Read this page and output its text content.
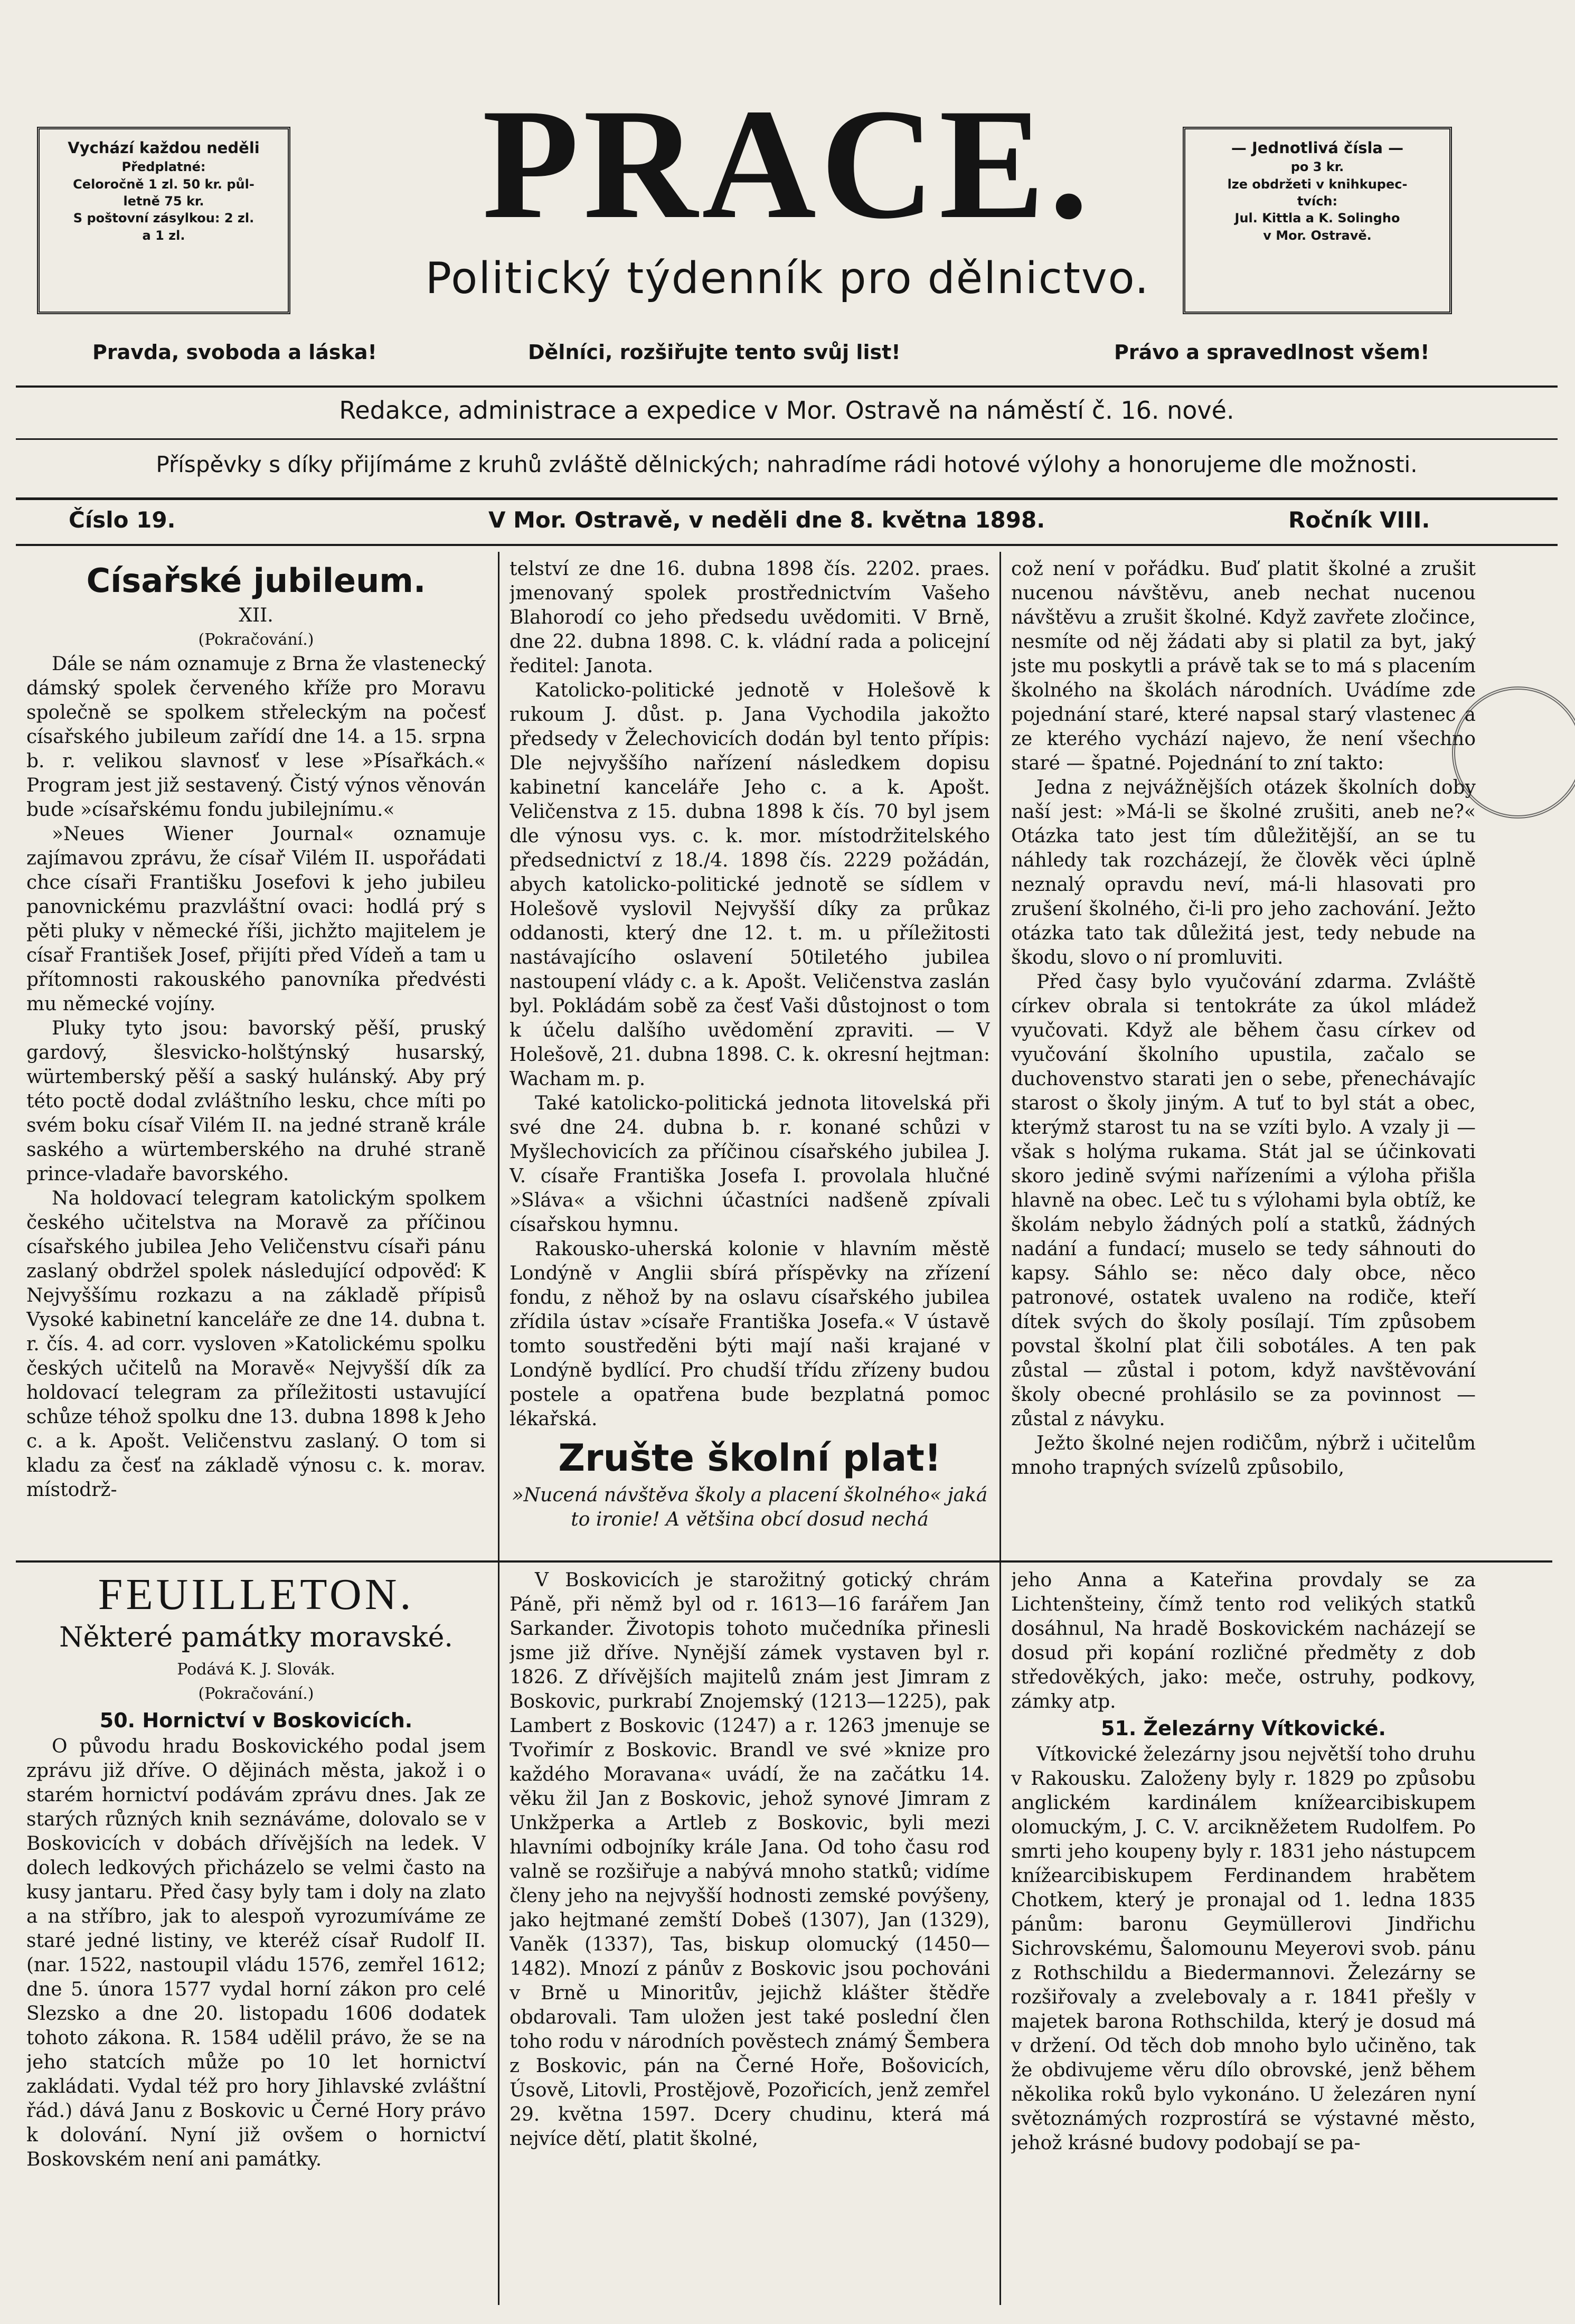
Vychází každou neděli
Předplatné:
Celoročně 1 zl. 50 kr. půl-
letně 75 kr.
S poštovní zásylkou: 2 zl.
a 1 zl.
— Jednotlivá čísla —
po 3 kr.
lze obdržeti v knihkupec-
tvích:
Jul. Kittla a K. Solingho
v Mor. Ostravě.
PRACE.
Politický týdenník pro dělnictvo.
Pravda, svoboda a láska!	Dělníci, rozšiřujte tento svůj list!	Právo a spravedlnost všem!
Redakce, administrace a expedice v Mor. Ostravě na náměstí č. 16. nové.
Příspěvky s díky přijímáme z kruhů zvláště dělnických; nahradíme rádi hotové výlohy a honorujeme dle možnosti.
Číslo 19.	V Mor. Ostravě, v neděli dne 8. května 1898.	Ročník VIII.
Císařské jubileum.
XII.
(Pokračování.)

Dále se nám oznamuje z Brna že vlastenecký dámský spolek červeného kříže pro Moravu společně se spolkem střeleckým na počesť císařského jubileum zařídí dne 14. a 15. srpna b. r. velikou slavnosť v lese »Písařkách.« Program jest již sestavený. Čistý výnos věnován bude »císařskému fondu jubilejnímu.«

»Neues Wiener Journal« oznamuje zajímavou zprávu, že císař Vilém II. uspořádati chce císaři Františku Josefovi k jeho jubileu panovnickému prazvláštní ovaci: hodlá prý s pěti pluky v německé říši, jichžto majitelem je císař František Josef, přijíti před Vídeň a tam u přítomnosti rakouského panovníka předvésti mu německé vojíny.

Pluky tyto jsou: bavorský pěší, pruský gardový, šlesvicko-holštýnský husarský, würtemberský pěší a saský hulánský. Aby prý této poctě dodal zvláštního lesku, chce míti po svém boku císař Vilém II. na jedné straně krále saského a würtemberského na druhé straně prince-vladaře bavorského.

Na holdovací telegram katolickým spolkem českého učitelstva na Moravě za příčinou císařského jubilea Jeho Veličenstvu císaři pánu zaslaný obdržel spolek následující odpověď: K Nejvyššímu rozkazu a na základě přípisů Vysoké kabinetní kanceláře ze dne 14. dubna t. r. čís. 4. ad corr. vysloven »Katolickému spolku českých učitelů na Moravě« Nejvyšší dík za holdovací telegram za příležitosti ustavující schůze téhož spolku dne 13. dubna 1898 k Jeho c. a k. Apošt. Veličenstvu zaslaný. O tom si kladu za česť na základě výnosu c. k. morav. místodrž-

FEUILLETON.
Některé památky moravské.
Podává K. J. Slovák.
(Pokračování.)
50. Hornictví v Boskovicích.

O původu hradu Boskovického podal jsem zprávu již dříve. O dějinách města, jakož i o starém hornictví podávám zprávu dnes. Jak ze starých různých knih seznáváme, dolovalo se v Boskovicích v dobách dřívějších na ledek. V dolech ledkových přicházelo se velmi často na kusy jantaru. Před časy byly tam i doly na zlato a na stříbro, jak to alespoň vyrozumíváme ze staré jedné listiny, ve kteréž císař Rudolf II. (nar. 1522, nastoupil vládu 1576, zemřel 1612; dne 5. února 1577 vydal horní zákon pro celé Slezsko a dne 20. listopadu 1606 dodatek tohoto zákona. R. 1584 udělil právo, že se na jeho statcích může po 10 let hornictví zakládati. Vydal též pro hory Jihlavské zvláštní řád.) dává Janu z Boskovic u Černé Hory právo k dolování. Nyní již ovšem o hornictví Boskovském není ani památky.

telství ze dne 16. dubna 1898 čís. 2202. praes. jmenovaný spolek prostřednictvím Vašeho Blahorodí co jeho předsedu uvědomiti. V Brně, dne 22. dubna 1898. C. k. vládní rada a policejní ředitel: Janota.

Katolicko-politické jednotě v Holešově k rukoum J. důst. p. Jana Vychodila jakožto předsedy v Želechovicích dodán byl tento přípis: Dle nejvyššího nařízení následkem dopisu kabinetní kanceláře Jeho c. a k. Apošt. Veličenstva z 15. dubna 1898 k čís. 70 byl jsem dle výnosu vys. c. k. mor. místodržitelského předsednictví z 18./4. 1898 čís. 2229 požádán, abych katolicko-politické jednotě se sídlem v Holešově vyslovil Nejvyšší díky za průkaz oddanosti, který dne 12. t. m. u příležitosti nastávajícího oslavení 50tiletého jubilea nastoupení vlády c. a k. Apošt. Veličenstva zaslán byl. Pokládám sobě za česť Vaši důstojnost o tom k účelu dalšího uvědomění zpraviti. — V Holešově, 21. dubna 1898. C. k. okresní hejtman: Wacham m. p.

Také katolicko-politická jednota litovelská při své dne 24. dubna b. r. konané schůzi v Myšlechovicích za příčinou císařského jubilea J. V. císaře Františka Josefa I. provolala hlučné »Sláva« a všichni účastníci nadšeně zpívali císařskou hymnu.

Rakousko-uherská kolonie v hlavním městě Londýně v Anglii sbírá příspěvky na zřízení fondu, z něhož by na oslavu císařského jubilea zřídila ústav »císaře Františka Josefa.« V ústavě tomto soustředěni býti mají naši krajané v Londýně bydlící. Pro chudší třídu zřízeny budou postele a opatřena bude bezplatná pomoc lékařská.

Zrušte školní plat!
»Nucená návštěva školy a placení školného« jaká to ironie! A většina obcí dosud nechá

V Boskovicích je starožitný gotický chrám Páně, při němž byl od r. 1613—16 farářem Jan Sarkander. Životopis tohoto mučedníka přinesli jsme již dříve. Nynější zámek vystaven byl r. 1826. Z dřívějších majitelů znám jest Jimram z Boskovic, purkrabí Znojemský (1213—1225), pak Lambert z Boskovic (1247) a r. 1263 jmenuje se Tvořimír z Boskovic. Brandl ve své »knize pro každého Moravana« uvádí, že na začátku 14. věku žil Jan z Boskovic, jehož synové Jimram z Unkžperka a Artleb z Boskovic, byli mezi hlavními odbojníky krále Jana. Od toho času rod valně se rozšiřuje a nabývá mnoho statků; vidíme členy jeho na nejvyšší hodnosti zemské povýšeny, jako hejtmané zemští Dobeš (1307), Jan (1329), Vaněk (1337), Tas, biskup olomucký (1450—1482). Mnozí z pánův z Boskovic jsou pochováni v Brně u Minoritův, jejichž klášter štědře obdarovali. Tam uložen jest také poslední člen toho rodu v národních pověstech známý Šembera z Boskovic, pán na Černé Hoře, Bošovicích, Úsově, Litovli, Prostějově, Pozořicích, jenž zemřel 29. května 1597. Dcery chudinu, která má nejvíce dětí, platit školné,

což není v pořádku. Buď platit školné a zrušit nucenou návštěvu, aneb nechat nucenou návštěvu a zrušit školné. Když zavřete zločince, nesmíte od něj žádati aby si platil za byt, jaký jste mu poskytli a právě tak se to má s placením školného na školách národních. Uvádíme zde pojednání staré, které napsal starý vlastenec a ze kterého vychází najevo, že není všechno staré — špatné. Pojednání to zní takto:

Jedna z nejvážnějších otázek školních doby naší jest: »Má-li se školné zrušiti, aneb ne?« Otázka tato jest tím důležitější, an se tu náhledy tak rozcházejí, že člověk věci úplně neznalý opravdu neví, má-li hlasovati pro zrušení školného, či-li pro jeho zachování. Ježto otázka tato tak důležitá jest, tedy nebude na škodu, slovo o ní promluviti.

Před časy bylo vyučování zdarma. Zvláště církev obrala si tentokráte za úkol mládež vyučovati. Když ale během času církev od vyučování školního upustila, začalo se duchovenstvo starati jen o sebe, přenechávajíc starost o školy jiným. A tuť to byl stát a obec, kterýmž starost tu na se vzíti bylo. A vzaly ji — však s holýma rukama. Stát jal se účinkovati skoro jedině svými nařízeními a výloha přišla hlavně na obec. Leč tu s výlohami byla obtíž, ke školám nebylo žádných polí a statků, žádných nadání a fundací; muselo se tedy sáhnouti do kapsy. Sáhlo se: něco daly obce, něco patronové, ostatek uvaleno na rodiče, kteří dítek svých do školy posílají. Tím způsobem povstal školní plat čili sobotáles. A ten pak zůstal — zůstal i potom, když navštěvování školy obecné prohlásilo se za povinnost — zůstal z návyku.

Ježto školné nejen rodičům, nýbrž i učitelům mnoho trapných svízelů způsobilo,

jeho Anna a Kateřina provdaly se za Lichtenšteiny, čímž tento rod velikých statků dosáhnul, Na hradě Boskovickém nacházejí se dosud při kopání rozličné předměty z dob středověkých, jako: meče, ostruhy, podkovy, zámky atp.

51. Železárny Vítkovické.

Vítkovické železárny jsou největší toho druhu v Rakousku. Založeny byly r. 1829 po způsobu anglickém kardinálem knížearcibiskupem olomuckým, J. C. V. arcikněžetem Rudolfem. Po smrti jeho koupeny byly r. 1831 jeho nástupcem knížearcibiskupem Ferdinandem hrabětem Chotkem, který je pronajal od 1. ledna 1835 pánům: baronu Geymüllerovi Jindřichu Sichrovskému, Šalomounu Meyerovi svob. pánu z Rothschildu a Biedermannovi. Železárny se rozšiřovaly a zvelebovaly a r. 1841 přešly v majetek barona Rothschilda, který je dosud má v držení. Od těch dob mnoho bylo učiněno, tak že obdivujeme věru dílo obrovské, jenž během několika roků bylo vykonáno. U železáren nyní světoznámých rozprostírá se výstavné město, jehož krásné budovy podobají se pa-
